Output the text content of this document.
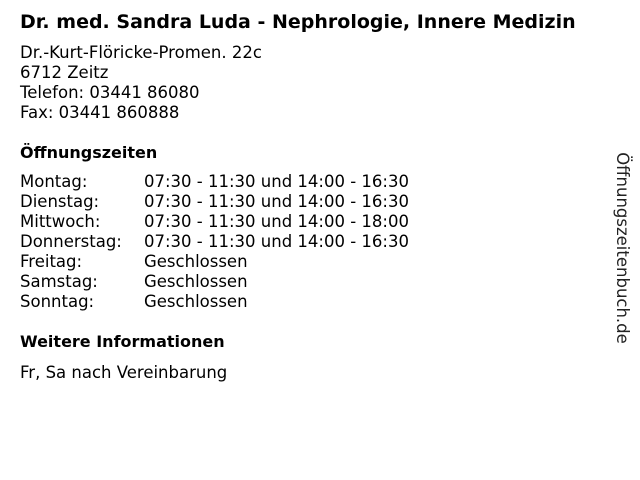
Dr. med. Sandra Luda - Nephrologie, Innere Medizin
Dr.-Kurt-Flöricke-Promen. 22c
6712 Zeitz
Telefon: 03441 86080
Fax: 03441 860888
Öffnungszeiten
Montag:	07:30 - 11:30 und 14:00 - 16:30
Dienstag:	07:30 - 11:30 und 14:00 - 16:30
Mittwoch:	07:30 - 11:30 und 14:00 - 18:00
Donnerstag:	07:30 - 11:30 und 14:00 - 16:30
Freitag:	Geschlossen
Samstag:	Geschlossen
Sonntag:	Geschlossen
Weitere Informationen
Fr, Sa nach Vereinbarung
Öffnungszeitenbuch.de
